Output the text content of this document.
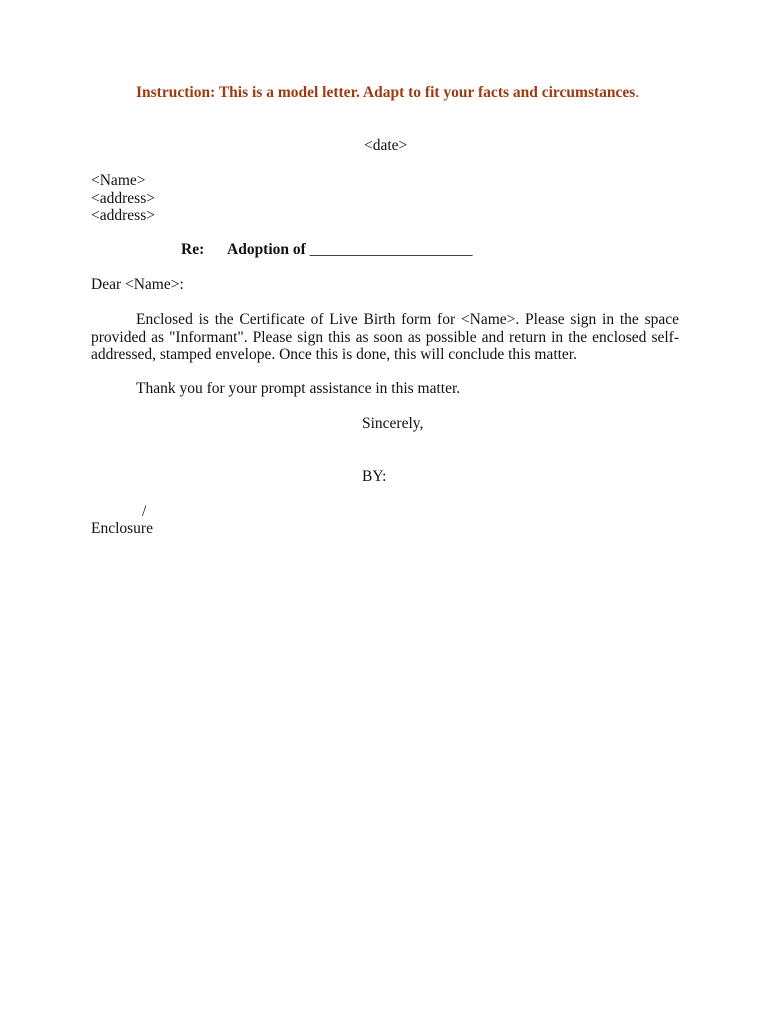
Instruction: This is a model letter. Adapt to fit your facts and circumstances.
<date>
<Name>
<address>
<address>
Re: Adoption of _____________________
Dear <Name>:
Enclosed is the Certificate of Live Birth form for <Name>. Please sign in the space provided as "Informant". Please sign this as soon as possible and return in the enclosed self-addressed, stamped envelope. Once this is done, this will conclude this matter.
Thank you for your prompt assistance in this matter.
Sincerely,
BY:
/
Enclosure
